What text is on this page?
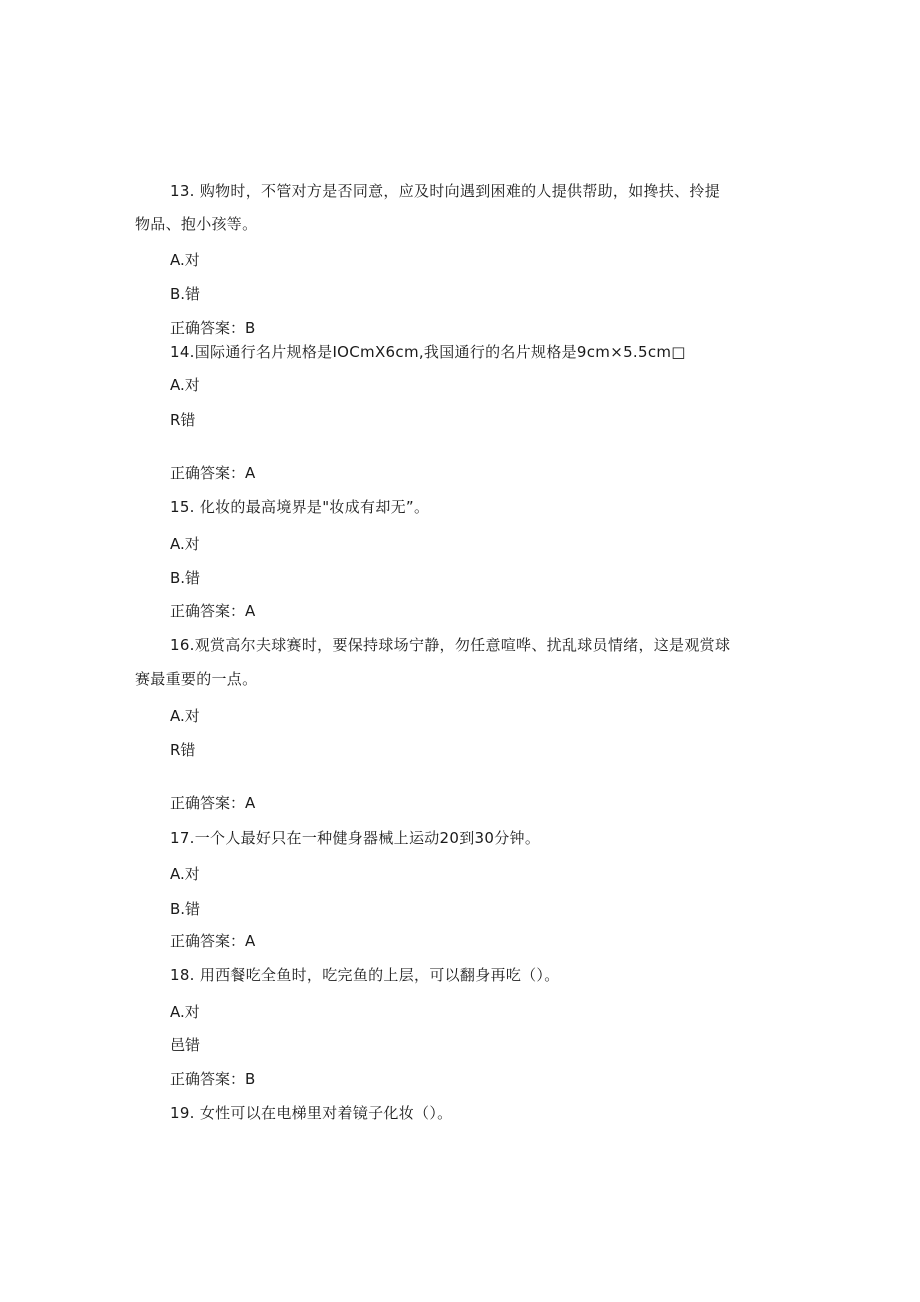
13. 购物时，不管对方是否同意，应及时向遇到困难的人提供帮助，如搀扶、拎提
物品、抱小孩等。
A.对
B.错
正确答案：B
14.国际通行名片规格是IOCmX6cm,我国通行的名片规格是9cm×5.5cm□
A.对
R错
正确答案：A
15. 化妆的最高境界是"妆成有却无”。
A.对
B.错
正确答案：A
16.观赏高尔夫球赛时，要保持球场宁静，勿任意喧哗、扰乱球员情绪，这是观赏球
赛最重要的一点。
A.对
R错
正确答案：A
17.一个人最好只在一种健身器械上运动20到30分钟。
A.对
B.错
正确答案：A
18. 用西餐吃全鱼时，吃完鱼的上层，可以翻身再吃（）。
A.对
邑错
正确答案：B
19. 女性可以在电梯里对着镜子化妆（）。
